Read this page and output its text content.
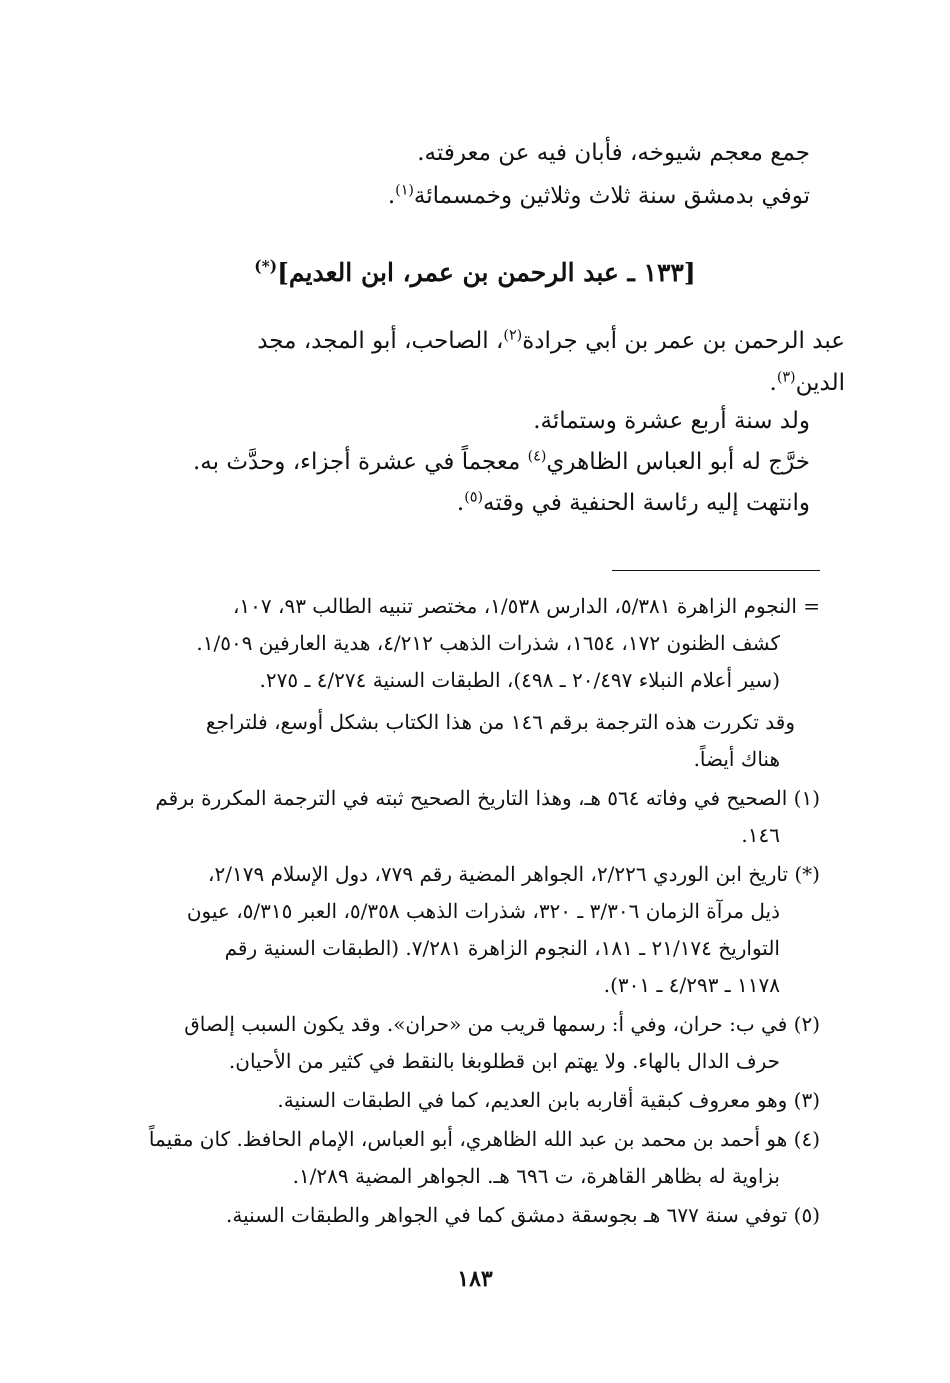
جمع معجم شيوخه، فأبان فيه عن معرفته.
توفي بدمشق سنة ثلاث وثلاثين وخمسمائة$^{(١)}$.
[١٣٣ ـ عبد الرحمن بن عمر، ابن العديم](*)
عبد الرحمن بن عمر بن أبي جرادة$^{(٢)}$، الصاحب، أبو المجد، مجد
الدين$^{(٣)}$.
ولد سنة أربع عشرة وستمائة.
خرَّج له أبو العباس الظاهري$^{(٤)}$ معجماً في عشرة أجزاء، وحدَّث به.
وانتهت إليه رئاسة الحنفية في وقته$^{(٥)}$.
= النجوم الزاهرة ٥/٣٨١، الدارس ١/٥٣٨، مختصر تنبيه الطالب ٩٣، ١٠٧،
كشف الظنون ١٧٢، ١٦٥٤، شذرات الذهب ٤/٢١٢، هدية العارفين ١/٥٠٩.
(سير أعلام النبلاء ٢٠/٤٩٧ ـ ٤٩٨)، الطبقات السنية ٤/٢٧٤ ـ ٢٧٥.
وقد تكررت هذه الترجمة برقم ١٤٦ من هذا الكتاب بشكل أوسع، فلتراجع
هناك أيضاً.
(١) الصحيح في وفاته ٥٦٤ هـ، وهذا التاريخ الصحيح ثبته في الترجمة المكررة برقم
١٤٦.
(*) تاريخ ابن الوردي ٢/٢٢٦، الجواهر المضية رقم ٧٧٩، دول الإسلام ٢/١٧٩،
ذيل مرآة الزمان ٣/٣٠٦ ـ ٣٢٠، شذرات الذهب ٥/٣٥٨، العبر ٥/٣١٥، عيون
التواريخ ٢١/١٧٤ ـ ١٨١، النجوم الزاهرة ٧/٢٨١. (الطبقات السنية رقم
١١٧٨ ـ ٤/٢٩٣ ـ ٣٠١).
(٢) في ب: حران، وفي أ: رسمها قريب من «حران». وقد يكون السبب إلصاق
حرف الدال بالهاء. ولا يهتم ابن قطلوبغا بالنقط في كثير من الأحيان.
(٣) وهو معروف كبقية أقاربه بابن العديم، كما في الطبقات السنية.
(٤) هو أحمد بن محمد بن عبد الله الظاهري، أبو العباس، الإمام الحافظ. كان مقيماً
بزاوية له بظاهر القاهرة، ت ٦٩٦ هـ. الجواهر المضية ١/٢٨٩.
(٥) توفي سنة ٦٧٧ هـ بجوسقة دمشق كما في الجواهر والطبقات السنية.
١٨٣
